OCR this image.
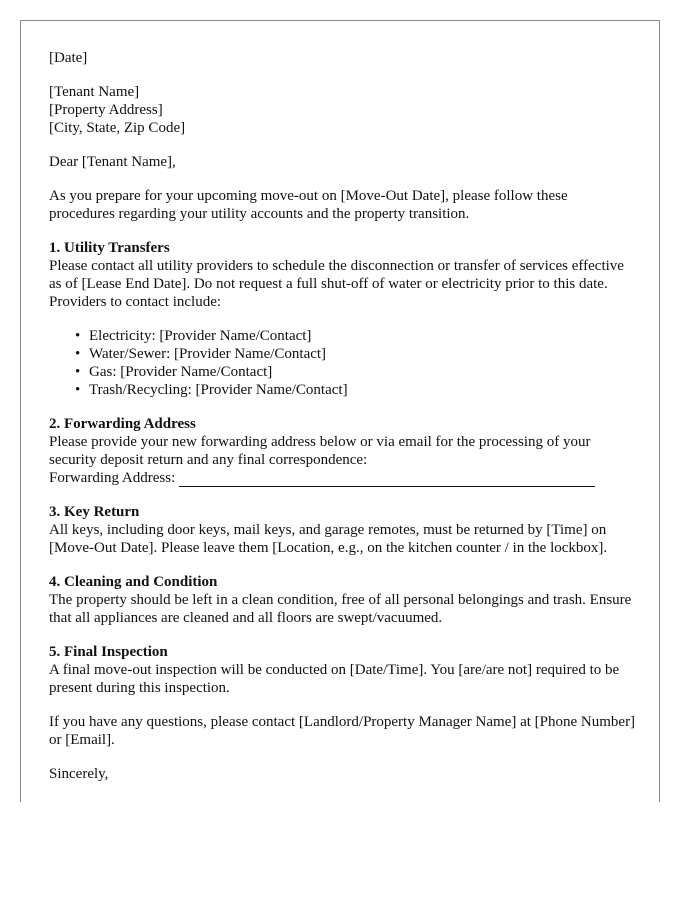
[Date]

[Tenant Name]
[Property Address]
[City, State, Zip Code]

Dear [Tenant Name],

As you prepare for your upcoming move-out on [Move-Out Date], please follow these procedures regarding your utility accounts and the property transition.

1. Utility Transfers

Please contact all utility providers to schedule the disconnection or transfer of services effective as of [Lease End Date]. Do not request a full shut-off of water or electricity prior to this date. Providers to contact include:

• Electricity: [Provider Name/Contact]
• Water/Sewer: [Provider Name/Contact]
• Gas: [Provider Name/Contact]
• Trash/Recycling: [Provider Name/Contact]
2. Forwarding Address
Please provide your new forwarding address below or via email for the processing of your security deposit return and any final correspondence:
Forwarding Address:
3. Key Return
All keys, including door keys, mail keys, and garage remotes, must be returned by [Time] on [Move-Out Date]. Please leave them [Location, e.g., on the kitchen counter / in the lockbox].
4. Cleaning and Condition
The property should be left in a clean condition, free of all personal belongings and trash. Ensure that all appliances are cleaned and all floors are swept/vacuumed.
5. Final Inspection
A final move-out inspection will be conducted on [Date/Time]. You [are/are not] required to be present during this inspection.

If you have any questions, please contact [Landlord/Property Manager Name] at [Phone Number] or [Email].

Sincerely,
